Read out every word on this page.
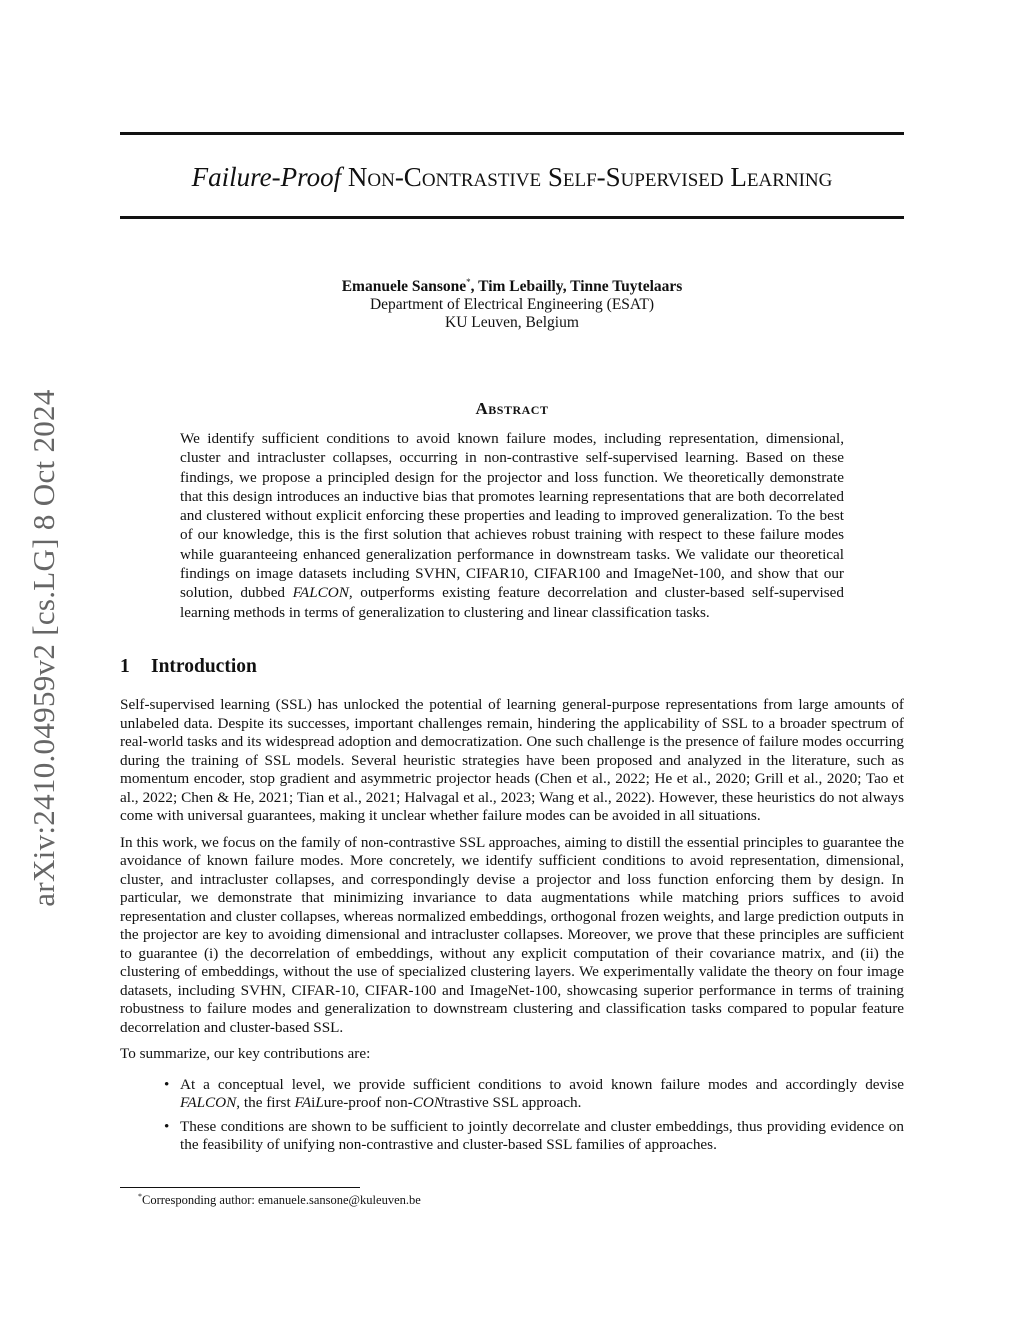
arXiv:2410.04959v2 [cs.LG] 8 Oct 2024
Failure-Proof Non-Contrastive Self-Supervised Learning
Emanuele Sansone*, Tim Lebailly, Tinne Tuytelaars
Department of Electrical Engineering (ESAT)
KU Leuven, Belgium
Abstract

We identify sufficient conditions to avoid known failure modes, including representation, dimensional, cluster and intracluster collapses, occurring in non-contrastive self-supervised learning. Based on these findings, we propose a principled design for the projector and loss function. We theoretically demonstrate that this design introduces an inductive bias that promotes learning representations that are both decorrelated and clustered without explicit enforcing these properties and leading to improved generalization. To the best of our knowledge, this is the first solution that achieves robust training with respect to these failure modes while guaranteeing enhanced generalization performance in downstream tasks. We validate our theoretical findings on image datasets including SVHN, CIFAR10, CIFAR100 and ImageNet-100, and show that our solution, dubbed FALCON, outperforms existing feature decorrelation and cluster-based self-supervised learning methods in terms of generalization to clustering and linear classification tasks.

1 Introduction

Self-supervised learning (SSL) has unlocked the potential of learning general-purpose representations from large amounts of unlabeled data. Despite its successes, important challenges remain, hindering the applicability of SSL to a broader spectrum of real-world tasks and its widespread adoption and democratization. One such challenge is the presence of failure modes occurring during the training of SSL models. Several heuristic strategies have been proposed and analyzed in the literature, such as momentum encoder, stop gradient and asymmetric projector heads (Chen et al., 2022; He et al., 2020; Grill et al., 2020; Tao et al., 2022; Chen & He, 2021; Tian et al., 2021; Halvagal et al., 2023; Wang et al., 2022). However, these heuristics do not always come with universal guarantees, making it unclear whether failure modes can be avoided in all situations.

In this work, we focus on the family of non-contrastive SSL approaches, aiming to distill the essential principles to guarantee the avoidance of known failure modes. More concretely, we identify sufficient conditions to avoid representation, dimensional, cluster, and intracluster collapses, and correspondingly devise a projector and loss function enforcing them by design. In particular, we demonstrate that minimizing invariance to data augmentations while matching priors suffices to avoid representation and cluster collapses, whereas normalized embeddings, orthogonal frozen weights, and large prediction outputs in the projector are key to avoiding dimensional and intracluster collapses. Moreover, we prove that these principles are sufficient to guarantee (i) the decorrelation of embeddings, without any explicit computation of their covariance matrix, and (ii) the clustering of embeddings, without the use of specialized clustering layers. We experimentally validate the theory on four image datasets, including SVHN, CIFAR-10, CIFAR-100 and ImageNet-100, showcasing superior performance in terms of training robustness to failure modes and generalization to downstream clustering and classification tasks compared to popular feature decorrelation and cluster-based SSL.

To summarize, our key contributions are:

• At a conceptual level, we provide sufficient conditions to avoid known failure modes and accordingly devise FALCON, the first FAiLure-proof non-CONtrastive SSL approach.
• These conditions are shown to be sufficient to jointly decorrelate and cluster embeddings, thus providing evidence on the feasibility of unifying non-contrastive and cluster-based SSL families of approaches.
*Corresponding author: emanuele.sansone@kuleuven.be
